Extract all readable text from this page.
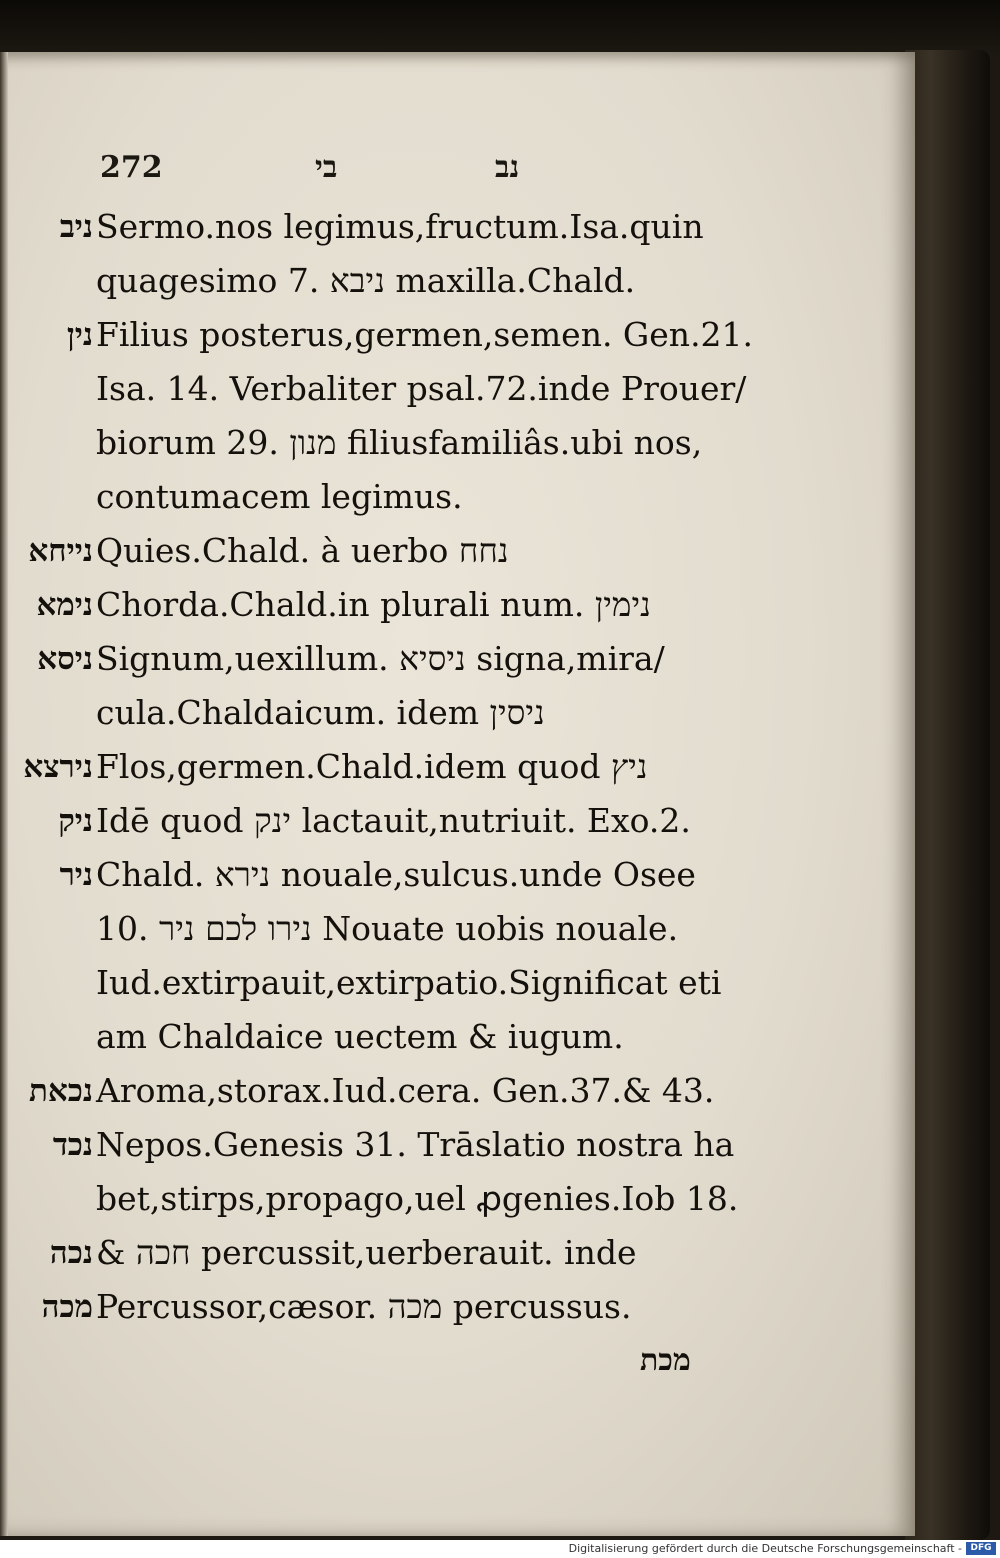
272	בי	נב
ניב Sermo.nos legimus,fructum.Isa.quin
quagesimo 7. ניבא maxilla.Chald.
נין Filius posterus,germen,semen. Gen.21.
Isa. 14. Verbaliter psal.72.inde Prouer/
biorum 29. מנון filiusfamiliâs.ubi nos,
contumacem legimus.
נייחא Quies.Chald. à uerbo נחח
נימא Chorda.Chald.in plurali num. נימין
ניסא Signum,uexillum. ניסיא signa,mira/
cula.Chaldaicum. idem ניסין
נירצא Flos,germen.Chald.idem quod ניץ
ניק Idē quod ינק lactauit,nutriuit. Exo.2.
ניר Chald. נירא nouale,sulcus.unde Osee
10. נירו לכם ניר Nouate uobis nouale.
Iud.extirpauit,extirpatio.Significat eti
am Chaldaice uectem & iugum.
נכאת Aroma,storax.Iud.cera. Gen.37.& 43.
נכד Nepos.Genesis 31. Trāslatio nostra ha
bet,stirps,propago,uel ꝓgenies.Iob 18.
נכה & חכה percussit,uerberauit. inde
מכה Percussor,cæsor. מכה percussus.
מכת
Digitalisierung gefördert durch die Deutsche Forschungsgemeinschaft - DFG
